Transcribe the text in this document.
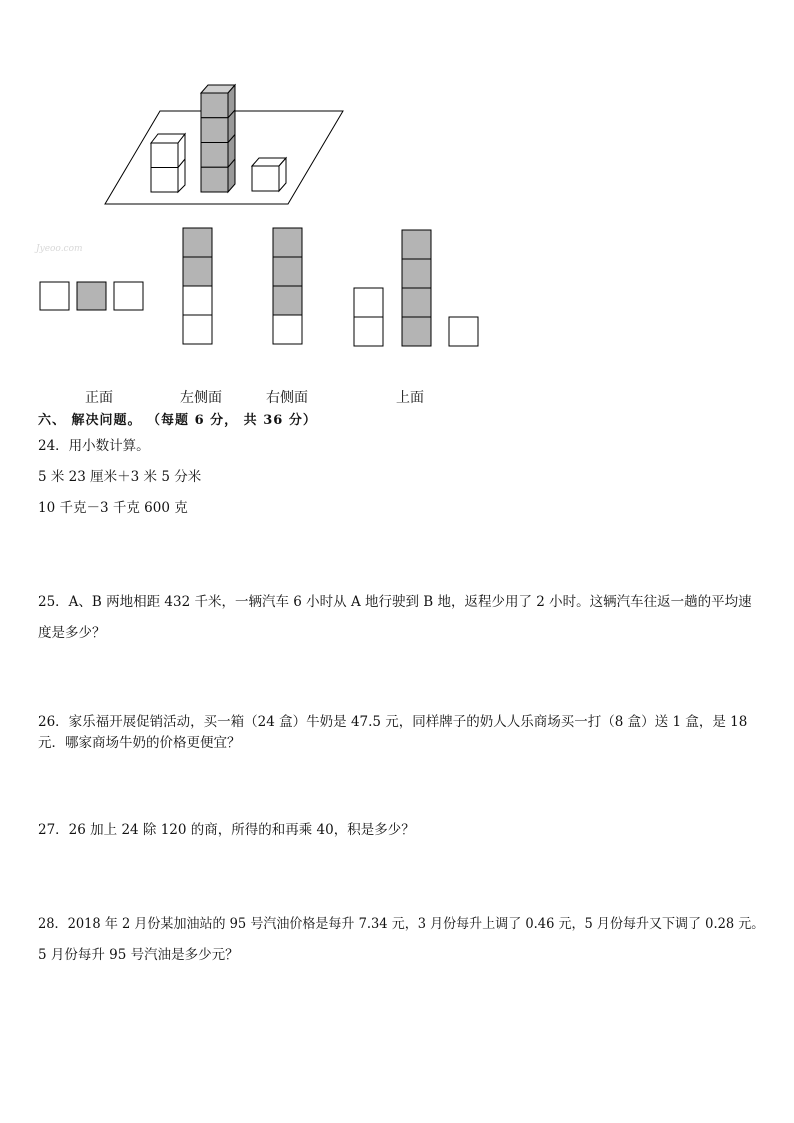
Jyeoo.com
正面	左侧面	右侧面	上面
六、 解决问题。 （每题 6 分， 共 36 分）
24．用小数计算。
5 米 23 厘米＋3 米 5 分米
10 千克－3 千克 600 克
25．A、B 两地相距 432 千米，一辆汽车 6 小时从 A 地行驶到 B 地，返程少用了 2 小时。这辆汽车往返一趟的平均速
度是多少？
26．家乐福开展促销活动，买一箱（24 盒）牛奶是 47.5 元，同样牌子的奶人人乐商场买一打（8 盒）送 1 盒，是 18
元．哪家商场牛奶的价格更便宜？
27．26 加上 24 除 120 的商，所得的和再乘 40，积是多少？
28．2018 年 2 月份某加油站的 95 号汽油价格是每升 7.34 元，3 月份每升上调了 0.46 元，5 月份每升又下调了 0.28 元。
5 月份每升 95 号汽油是多少元？
